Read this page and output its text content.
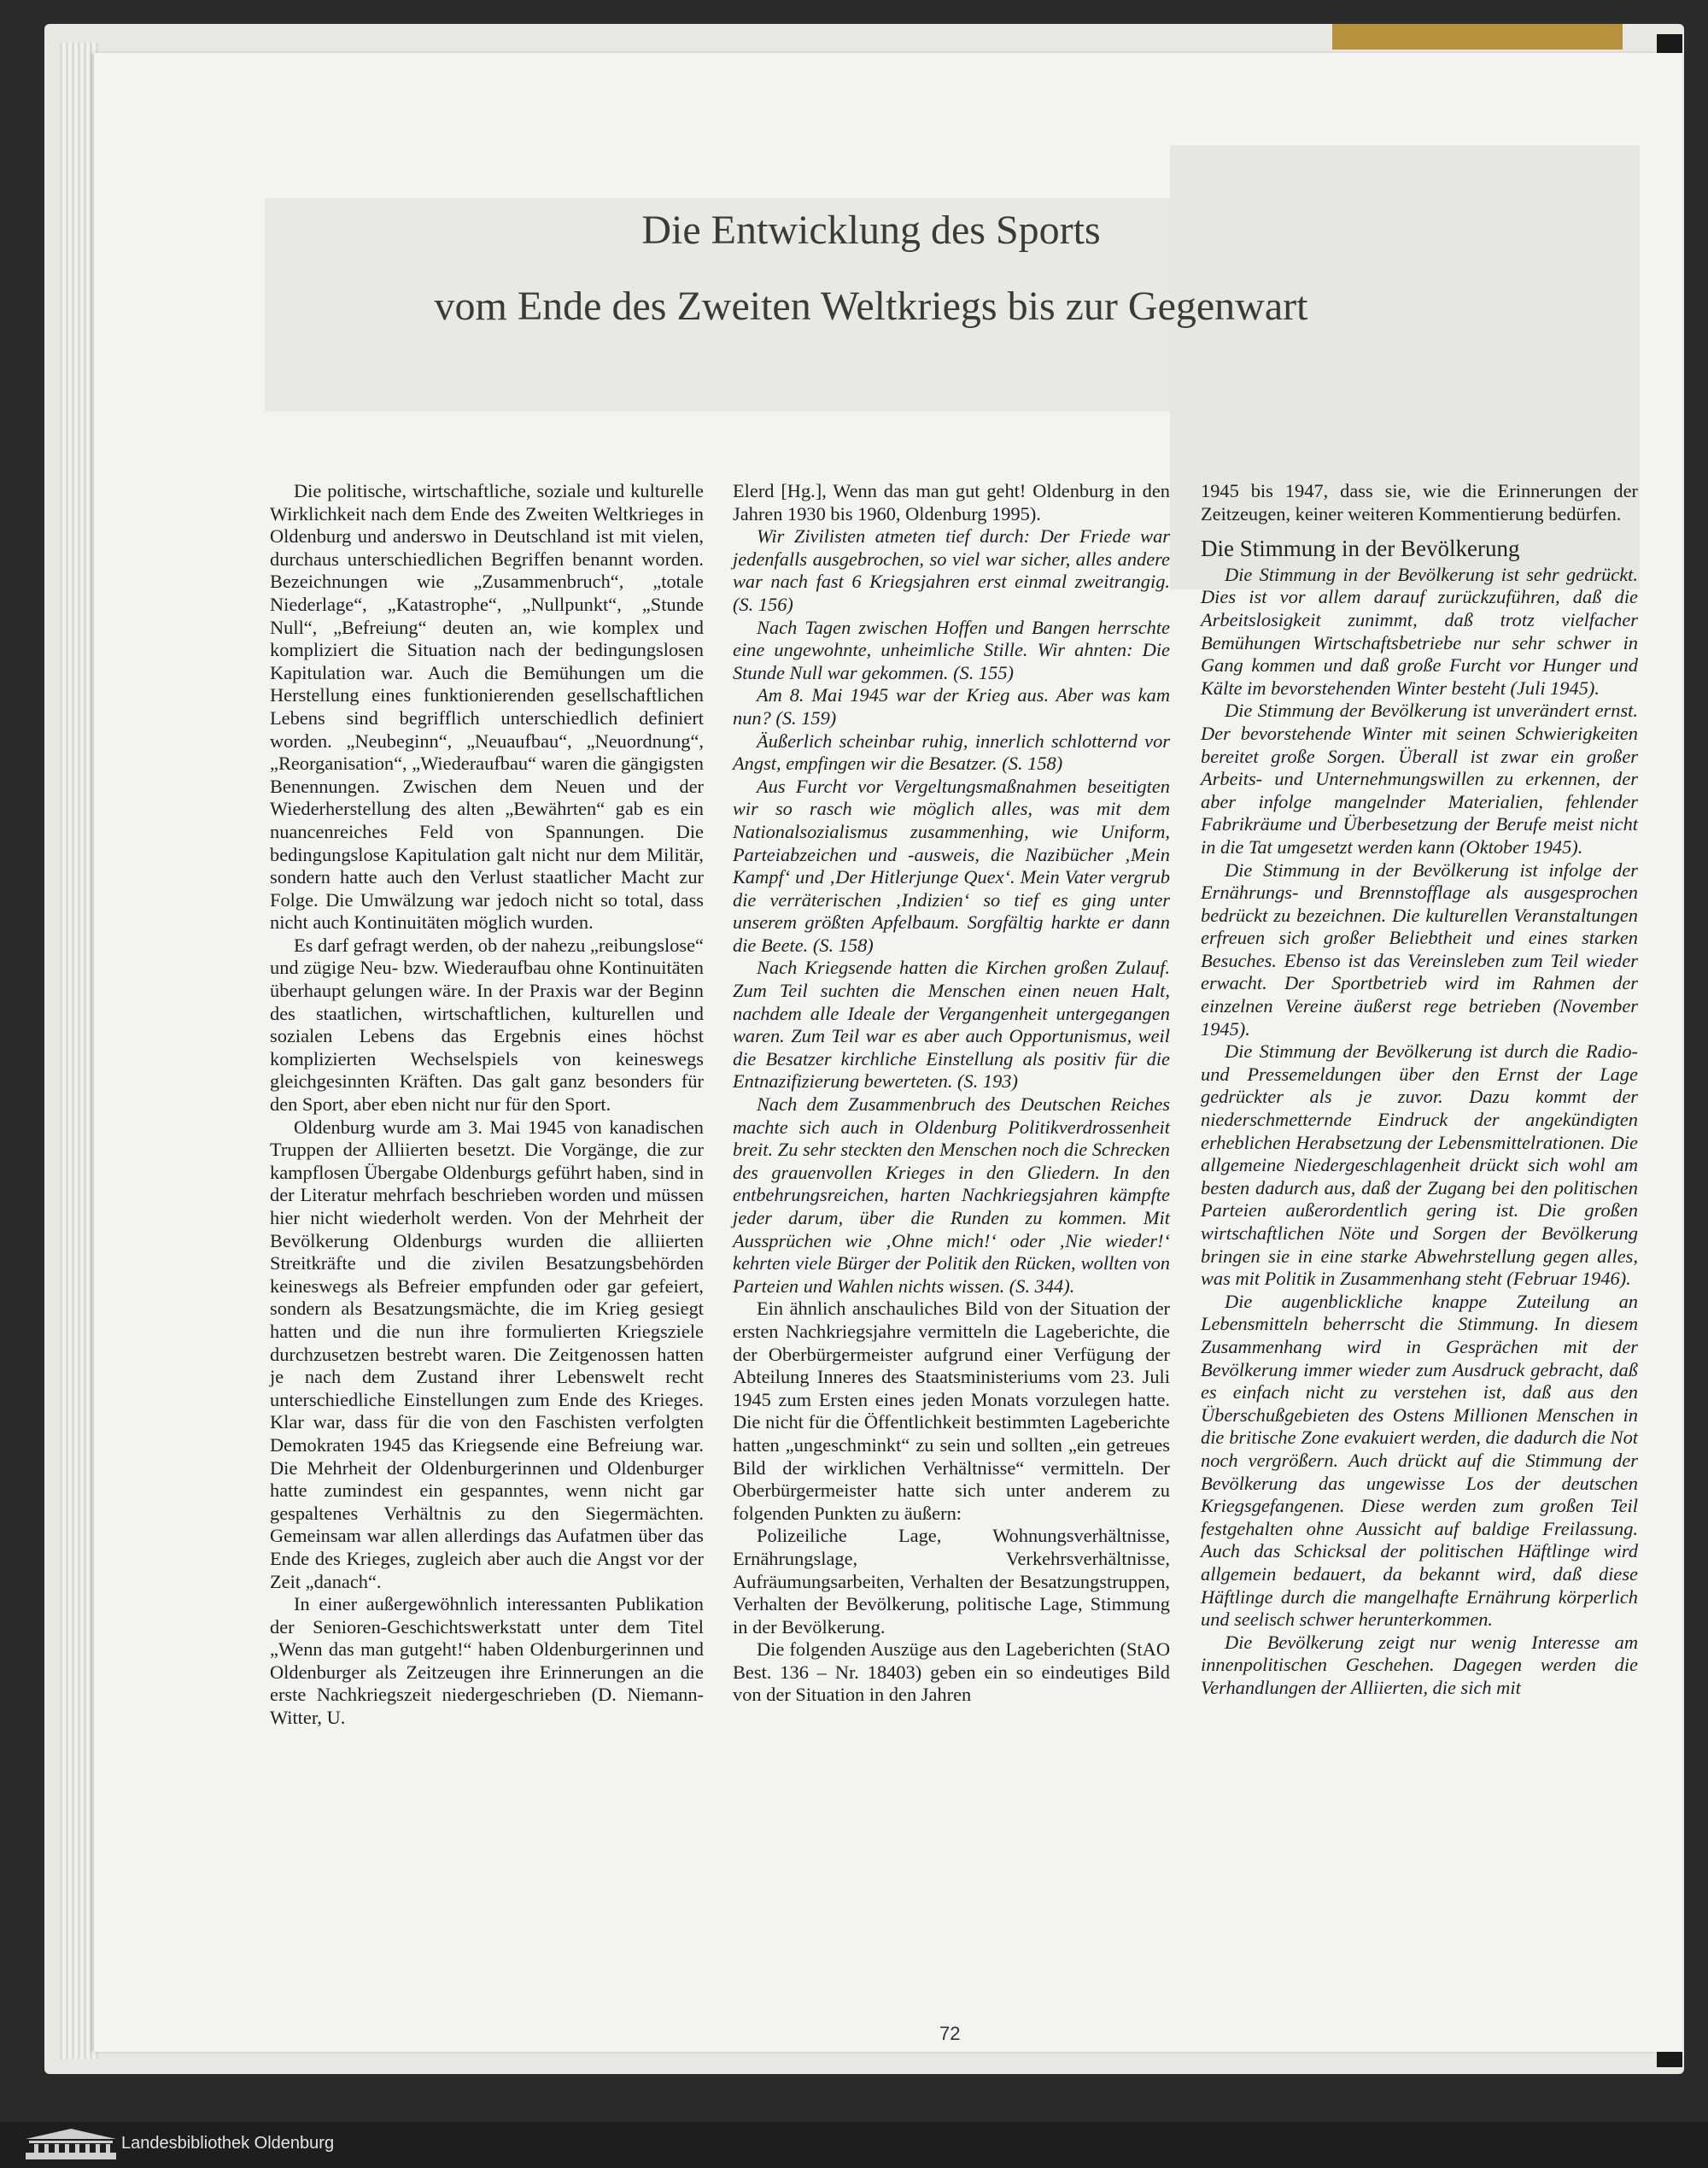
Die Entwicklung des Sports
vom Ende des Zweiten Weltkriegs bis zur Gegenwart

Die politische, wirtschaftliche, soziale und kulturelle Wirklichkeit nach dem Ende des Zweiten Weltkrieges in Oldenburg und anderswo in Deutschland ist mit vielen, durchaus unterschiedlichen Begriffen benannt worden. Bezeichnungen wie „Zusammenbruch“, „totale Niederlage“, „Katastrophe“, „Nullpunkt“, „Stunde Null“, „Befreiung“ deuten an, wie komplex und kompliziert die Situation nach der bedingungslosen Kapitulation war. Auch die Bemühungen um die Herstellung eines funktionierenden gesellschaftlichen Lebens sind begrifflich unterschiedlich definiert worden. „Neubeginn“, „Neuaufbau“, „Neuordnung“, „Reorganisation“, „Wiederaufbau“ waren die gängigsten Benennungen. Zwischen dem Neuen und der Wiederherstellung des alten „Bewährten“ gab es ein nuancenreiches Feld von Spannungen. Die bedingungslose Kapitulation galt nicht nur dem Militär, sondern hatte auch den Verlust staatlicher Macht zur Folge. Die Umwälzung war jedoch nicht so total, dass nicht auch Kontinuitäten möglich wurden.

Es darf gefragt werden, ob der nahezu „reibungslose“ und zügige Neu- bzw. Wiederaufbau ohne Kontinuitäten überhaupt gelungen wäre. In der Praxis war der Beginn des staatlichen, wirtschaftlichen, kulturellen und sozialen Lebens das Ergebnis eines höchst komplizierten Wechselspiels von keineswegs gleichgesinnten Kräften. Das galt ganz besonders für den Sport, aber eben nicht nur für den Sport.

Oldenburg wurde am 3. Mai 1945 von kanadischen Truppen der Alliierten besetzt. Die Vorgänge, die zur kampflosen Übergabe Oldenburgs geführt haben, sind in der Literatur mehrfach beschrieben worden und müssen hier nicht wiederholt werden. Von der Mehrheit der Bevölkerung Oldenburgs wurden die alliierten Streitkräfte und die zivilen Besatzungsbehörden keineswegs als Befreier empfunden oder gar gefeiert, sondern als Besatzungsmächte, die im Krieg gesiegt hatten und die nun ihre formulierten Kriegsziele durchzusetzen bestrebt waren. Die Zeitgenossen hatten je nach dem Zustand ihrer Lebenswelt recht unterschiedliche Einstellungen zum Ende des Krieges. Klar war, dass für die von den Faschisten verfolgten Demokraten 1945 das Kriegsende eine Befreiung war. Die Mehrheit der Oldenburgerinnen und Oldenburger hatte zumindest ein gespanntes, wenn nicht gar gespaltenes Verhältnis zu den Siegermächten. Gemeinsam war allen allerdings das Aufatmen über das Ende des Krieges, zugleich aber auch die Angst vor der Zeit „danach“.

In einer außergewöhnlich interessanten Publikation der Senioren-Geschichtswerkstatt unter dem Titel „Wenn das man gutgeht!“ haben Oldenburgerinnen und Oldenburger als Zeitzeugen ihre Erinnerungen an die erste Nachkriegszeit niedergeschrieben (D. Niemann-Witter, U.

Elerd [Hg.], Wenn das man gut geht! Oldenburg in den Jahren 1930 bis 1960, Oldenburg 1995).

Wir Zivilisten atmeten tief durch: Der Friede war jedenfalls ausgebrochen, so viel war sicher, alles andere war nach fast 6 Kriegsjahren erst einmal zweitrangig. (S. 156)

Nach Tagen zwischen Hoffen und Bangen herrschte eine ungewohnte, unheimliche Stille. Wir ahnten: Die Stunde Null war gekommen. (S. 155)

Am 8. Mai 1945 war der Krieg aus. Aber was kam nun? (S. 159)

Äußerlich scheinbar ruhig, innerlich schlotternd vor Angst, empfingen wir die Besatzer. (S. 158)

Aus Furcht vor Vergeltungsmaßnahmen beseitigten wir so rasch wie möglich alles, was mit dem Nationalsozialismus zusammenhing, wie Uniform, Parteiabzeichen und -ausweis, die Nazibücher ‚Mein Kampf‘ und ‚Der Hitlerjunge Quex‘. Mein Vater vergrub die verräterischen ‚Indizien‘ so tief es ging unter unserem größten Apfelbaum. Sorgfältig harkte er dann die Beete. (S. 158)

Nach Kriegsende hatten die Kirchen großen Zulauf. Zum Teil suchten die Menschen einen neuen Halt, nachdem alle Ideale der Vergangenheit untergegangen waren. Zum Teil war es aber auch Opportunismus, weil die Besatzer kirchliche Einstellung als positiv für die Entnazifizierung bewerteten. (S. 193)

Nach dem Zusammenbruch des Deutschen Reiches machte sich auch in Oldenburg Politikverdrossenheit breit. Zu sehr steckten den Menschen noch die Schrecken des grauenvollen Krieges in den Gliedern. In den entbehrungsreichen, harten Nachkriegsjahren kämpfte jeder darum, über die Runden zu kommen. Mit Aussprüchen wie ‚Ohne mich!‘ oder ‚Nie wieder!‘ kehrten viele Bürger der Politik den Rücken, wollten von Parteien und Wahlen nichts wissen. (S. 344).

Ein ähnlich anschauliches Bild von der Situation der ersten Nachkriegsjahre vermitteln die Lageberichte, die der Oberbürgermeister aufgrund einer Verfügung der Abteilung Inneres des Staatsministeriums vom 23. Juli 1945 zum Ersten eines jeden Monats vorzulegen hatte. Die nicht für die Öffentlichkeit bestimmten Lageberichte hatten „ungeschminkt“ zu sein und sollten „ein getreues Bild der wirklichen Verhältnisse“ vermitteln. Der Oberbürgermeister hatte sich unter anderem zu folgenden Punkten zu äußern:

Polizeiliche Lage, Wohnungsverhältnisse, Ernährungslage, Verkehrsverhältnisse, Aufräumungsarbeiten, Verhalten der Besatzungstruppen, Verhalten der Bevölkerung, politische Lage, Stimmung in der Bevölkerung.

Die folgenden Auszüge aus den Lageberichten (StAO Best. 136 – Nr. 18403) geben ein so eindeutiges Bild von der Situation in den Jahren

1945 bis 1947, dass sie, wie die Erinnerungen der Zeitzeugen, keiner weiteren Kommentierung bedürfen.

Die Stimmung in der Bevölkerung

Die Stimmung in der Bevölkerung ist sehr gedrückt. Dies ist vor allem darauf zurückzuführen, daß die Arbeitslosigkeit zunimmt, daß trotz vielfacher Bemühungen Wirtschaftsbetriebe nur sehr schwer in Gang kommen und daß große Furcht vor Hunger und Kälte im bevorstehenden Winter besteht (Juli 1945).

Die Stimmung der Bevölkerung ist unverändert ernst. Der bevorstehende Winter mit seinen Schwierigkeiten bereitet große Sorgen. Überall ist zwar ein großer Arbeits- und Unternehmungswillen zu erkennen, der aber infolge mangelnder Materialien, fehlender Fabrikräume und Überbesetzung der Berufe meist nicht in die Tat umgesetzt werden kann (Oktober 1945).

Die Stimmung in der Bevölkerung ist infolge der Ernährungs- und Brennstofflage als ausgesprochen bedrückt zu bezeichnen. Die kulturellen Veranstaltungen erfreuen sich großer Beliebtheit und eines starken Besuches. Ebenso ist das Vereinsleben zum Teil wieder erwacht. Der Sportbetrieb wird im Rahmen der einzelnen Vereine äußerst rege betrieben (November 1945).

Die Stimmung der Bevölkerung ist durch die Radio- und Pressemeldungen über den Ernst der Lage gedrückter als je zuvor. Dazu kommt der niederschmetternde Eindruck der angekündigten erheblichen Herabsetzung der Lebensmittelrationen. Die allgemeine Niedergeschlagenheit drückt sich wohl am besten dadurch aus, daß der Zugang bei den politischen Parteien außerordentlich gering ist. Die großen wirtschaftlichen Nöte und Sorgen der Bevölkerung bringen sie in eine starke Abwehrstellung gegen alles, was mit Politik in Zusammenhang steht (Februar 1946).

Die augenblickliche knappe Zuteilung an Lebensmitteln beherrscht die Stimmung. In diesem Zusammenhang wird in Gesprächen mit der Bevölkerung immer wieder zum Ausdruck gebracht, daß es einfach nicht zu verstehen ist, daß aus den Überschußgebieten des Ostens Millionen Menschen in die britische Zone evakuiert werden, die dadurch die Not noch vergrößern. Auch drückt auf die Stimmung der Bevölkerung das ungewisse Los der deutschen Kriegsgefangenen. Diese werden zum großen Teil festgehalten ohne Aussicht auf baldige Freilassung. Auch das Schicksal der politischen Häftlinge wird allgemein bedauert, da bekannt wird, daß diese Häftlinge durch die mangelhafte Ernährung körperlich und seelisch schwer herunterkommen.

Die Bevölkerung zeigt nur wenig Interesse am innenpolitischen Geschehen. Dagegen werden die Verhandlungen der Alliierten, die sich mit

72
Landesbibliothek Oldenburg
